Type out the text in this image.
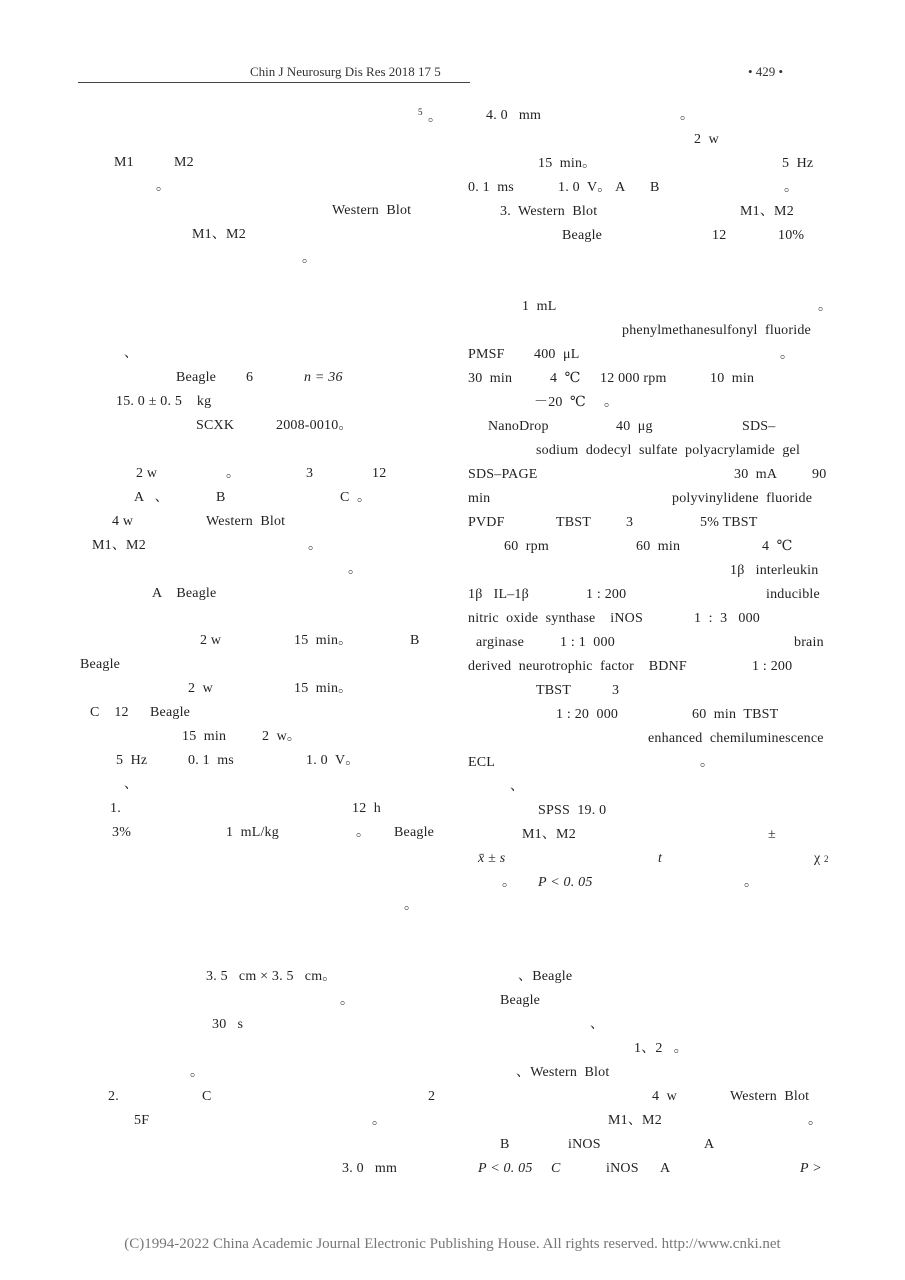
Chin J Neurosurg Dis Res 2018 17 5	• 429 •
5 。
M1	M2
。
Western  Blot
M1、M2
。
、
Beagle 6	n = 36
15. 0 ± 0. 5    kg
SCXK	2008-0010。
2 w	。	3	12
A   、	B	C  。
4 w	Western  Blot
M1、M2	。
。
A    Beagle
2 w	15  min。	B
Beagle
2  w	15  min。
C    12 Beagle
15  min	2  w。
5  Hz	0. 1  ms	1. 0  V。
、
1.	12  h
3%	1  mL/kg	。 Beagle
。
3. 5   cm × 3. 5   cm。
。
30   s
。
2.	C	2
5F	。
3. 0   mm
4. 0   mm	。
2  w
15  min。	5  Hz
0. 1  ms	1. 0  V。 A B	。
3.  Western  Blot	M1、M2
Beagle	12	10%
1  mL	。
phenylmethanesulfonyl  fluoride
PMSF 400  μL	。
30  min	4  ℃ 12 000 rpm	10  min
－20  ℃ 。
NanoDrop	40  μg	SDS–
sodium  dodecyl  sulfate  polyacrylamide  gel
SDS–PAGE	30  mA 90
min	polyvinylidene  fluoride
PVDF	TBST 3	5% TBST
60  rpm	60  min	4  ℃
1β   interleukin
1β   IL–1β	1 : 200	inducible
nitric  oxide  synthase    iNOS	1  :  3   000
arginase	1 : 1  000	brain
derived  neurotrophic  factor    BDNF	1 : 200
TBST	3
1 : 20  000	60  min  TBST
enhanced  chemiluminescence
ECL	。
、
SPSS  19. 0
M1、M2	±
x̄ ± s	t	χ $_2$
。 P < 0. 05	。
、Beagle
Beagle
、
1、2   。
、Western  Blot
4  w	Western  Blot
M1、M2	。
B	iNOS	A
P < 0. 05     C	iNOS A	P >
(C)1994-2022 China Academic Journal Electronic Publishing House. All rights reserved. http://www.cnki.net
